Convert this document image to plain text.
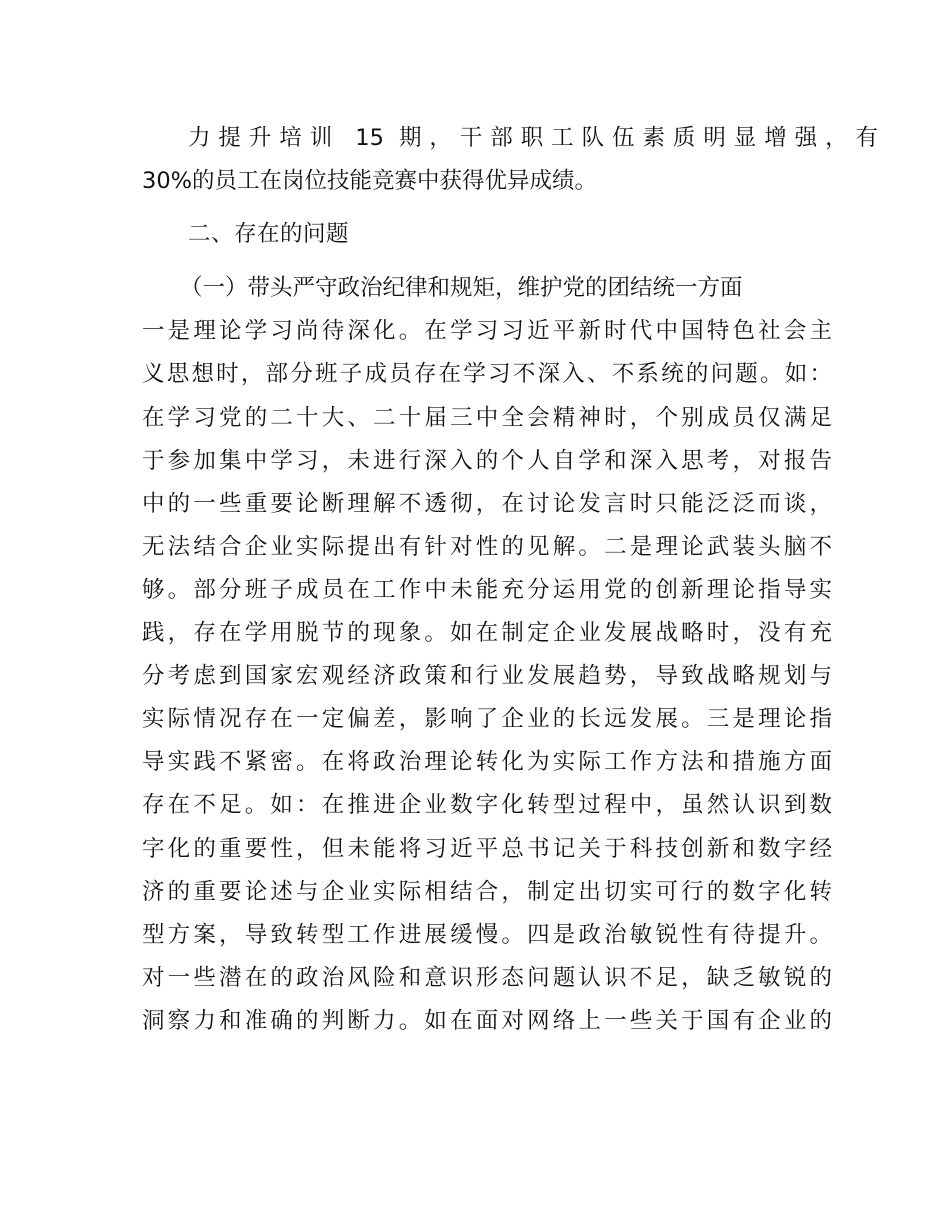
力提升培训 15 期，干部职工队伍素质明显增强，有
30%的员工在岗位技能竞赛中获得优异成绩。
二、存在的问题
（一）带头严守政治纪律和规矩，维护党的团结统一方面
一是理论学习尚待深化。在学习习近平新时代中国特色社会主
义思想时，部分班子成员存在学习不深入、不系统的问题。如：
在学习党的二十大、二十届三中全会精神时，个别成员仅满足
于参加集中学习，未进行深入的个人自学和深入思考，对报告
中的一些重要论断理解不透彻，在讨论发言时只能泛泛而谈，
无法结合企业实际提出有针对性的见解。二是理论武装头脑不
够。部分班子成员在工作中未能充分运用党的创新理论指导实
践，存在学用脱节的现象。如在制定企业发展战略时，没有充
分考虑到国家宏观经济政策和行业发展趋势，导致战略规划与
实际情况存在一定偏差，影响了企业的长远发展。三是理论指
导实践不紧密。在将政治理论转化为实际工作方法和措施方面
存在不足。如：在推进企业数字化转型过程中，虽然认识到数
字化的重要性，但未能将习近平总书记关于科技创新和数字经
济的重要论述与企业实际相结合，制定出切实可行的数字化转
型方案，导致转型工作进展缓慢。四是政治敏锐性有待提升。
对一些潜在的政治风险和意识形态问题认识不足，缺乏敏锐的
洞察力和准确的判断力。如在面对网络上一些关于国有企业的
